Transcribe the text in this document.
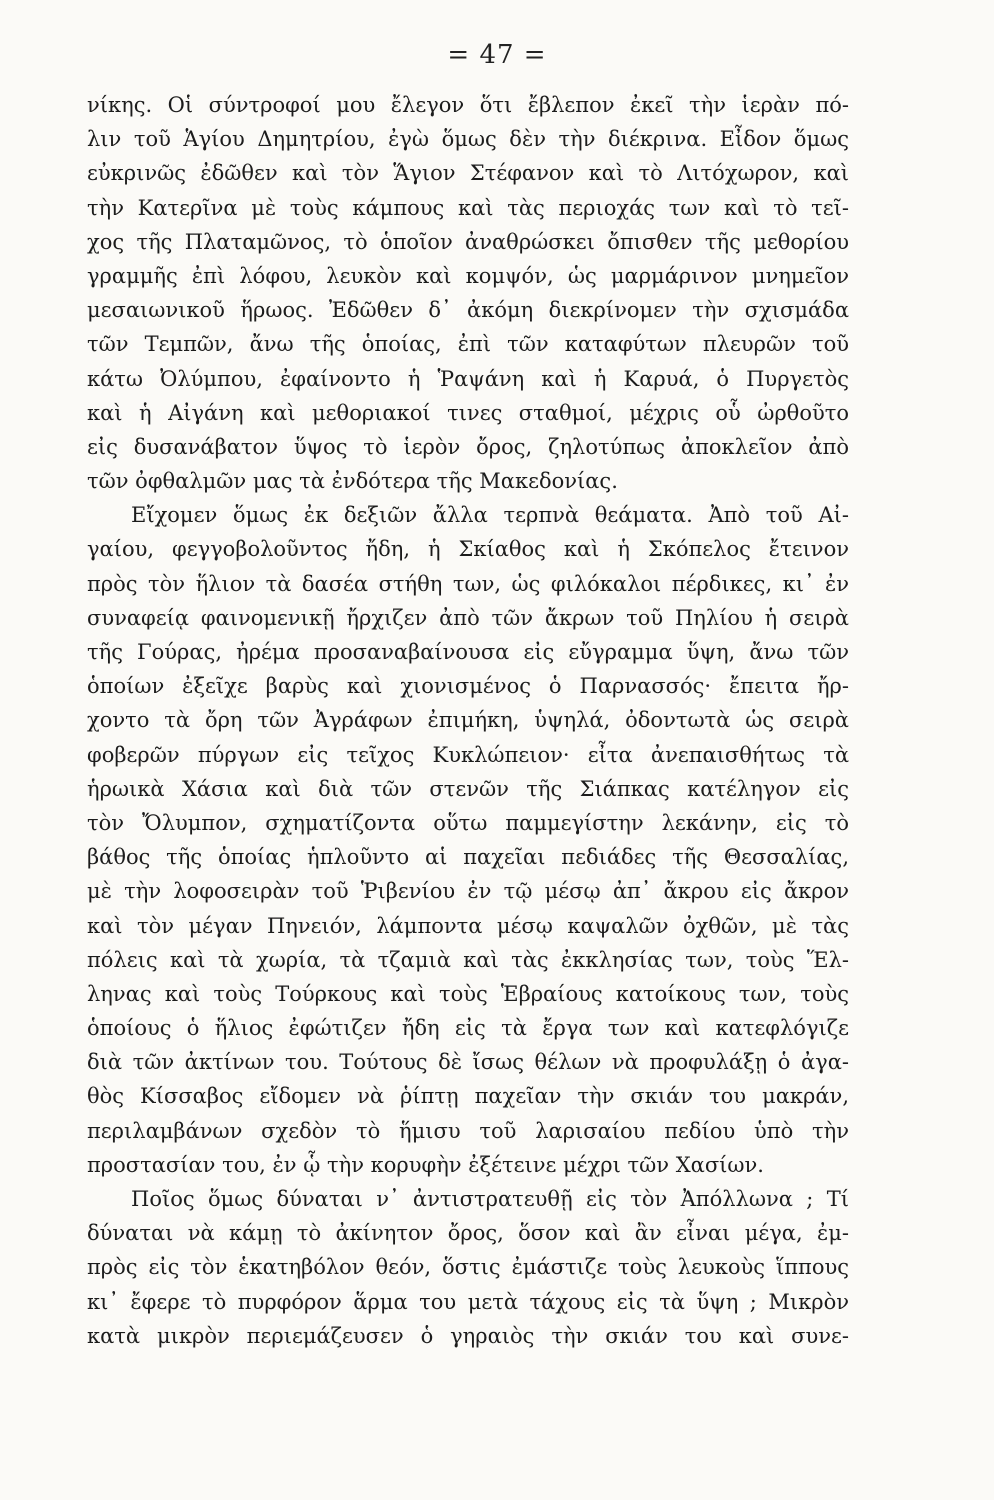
= 47 =
νίκης. Οἱ σύντροφοί μου ἔλεγον ὅτι ἔβλεπον ἐκεῖ τὴν ἱερὰν πό-
λιν τοῦ Ἁγίου Δημητρίου, ἐγὼ ὅμως δὲν τὴν διέκρινα. Εἶδον ὅμως
εὐκρινῶς ἐδῶθεν καὶ τὸν Ἅγιον Στέφανον καὶ τὸ Λιτόχωρον, καὶ
τὴν Κατερῖνα μὲ τοὺς κάμπους καὶ τὰς περιοχάς των καὶ τὸ τεῖ-
χος τῆς Πλαταμῶνος, τὸ ὁποῖον ἀναθρώσκει ὄπισθεν τῆς μεθορίου
γραμμῆς ἐπὶ λόφου, λευκὸν καὶ κομψόν, ὡς μαρμάρινον μνημεῖον
μεσαιωνικοῦ ἥρωος. Ἐδῶθεν δ᾽ ἀκόμη διεκρίνομεν τὴν σχισμάδα
τῶν Τεμπῶν, ἄνω τῆς ὁποίας, ἐπὶ τῶν καταφύτων πλευρῶν τοῦ
κάτω Ὀλύμπου, ἐφαίνοντο ἡ Ῥαψάνη καὶ ἡ Καρυά, ὁ Πυργετὸς
καὶ ἡ Αἰγάνη καὶ μεθοριακοί τινες σταθμοί, μέχρις οὗ ὠρθοῦτο
εἰς δυσανάβατον ὕψος τὸ ἱερὸν ὄρος, ζηλοτύπως ἀποκλεῖον ἀπὸ
τῶν ὀφθαλμῶν μας τὰ ἐνδότερα τῆς Μακεδονίας.
Εἴχομεν ὅμως ἐκ δεξιῶν ἄλλα τερπνὰ θεάματα. Ἀπὸ τοῦ Αἰ-
γαίου, φεγγοβολοῦντος ἤδη, ἡ Σκίαθος καὶ ἡ Σκόπελος ἔτεινον
πρὸς τὸν ἥλιον τὰ δασέα στήθη των, ὡς φιλόκαλοι πέρδικες, κι᾽ ἐν
συναφείᾳ φαινομενικῇ ἤρχιζεν ἀπὸ τῶν ἄκρων τοῦ Πηλίου ἡ σειρὰ
τῆς Γούρας, ἠρέμα προσαναβαίνουσα εἰς εὔγραμμα ὕψη, ἄνω τῶν
ὁποίων ἐξεῖχε βαρὺς καὶ χιονισμένος ὁ Παρνασσός· ἔπειτα ἤρ-
χοντο τὰ ὄρη τῶν Ἀγράφων ἐπιμήκη, ὑψηλά, ὀδοντωτὰ ὡς σειρὰ
φοβερῶν πύργων εἰς τεῖχος Κυκλώπειον· εἶτα ἀνεπαισθήτως τὰ
ἡρωικὰ Χάσια καὶ διὰ τῶν στενῶν τῆς Σιάπκας κατέληγον εἰς
τὸν Ὄλυμπον, σχηματίζοντα οὕτω παμμεγίστην λεκάνην, εἰς τὸ
βάθος τῆς ὁποίας ἡπλοῦντο αἱ παχεῖαι πεδιάδες τῆς Θεσσαλίας,
μὲ τὴν λοφοσειρὰν τοῦ Ῥιβενίου ἐν τῷ μέσῳ ἀπ᾽ ἄκρου εἰς ἄκρον
καὶ τὸν μέγαν Πηνειόν, λάμποντα μέσῳ καψαλῶν ὀχθῶν, μὲ τὰς
πόλεις καὶ τὰ χωρία, τὰ τζαμιὰ καὶ τὰς ἐκκλησίας των, τοὺς Ἕλ-
ληνας καὶ τοὺς Τούρκους καὶ τοὺς Ἑβραίους κατοίκους των, τοὺς
ὁποίους ὁ ἥλιος ἐφώτιζεν ἤδη εἰς τὰ ἔργα των καὶ κατεφλόγιζε
διὰ τῶν ἀκτίνων του. Τούτους δὲ ἴσως θέλων νὰ προφυλάξῃ ὁ ἀγα-
θὸς Κίσσαβος εἴδομεν νὰ ῥίπτῃ παχεῖαν τὴν σκιάν του μακράν,
περιλαμβάνων σχεδὸν τὸ ἥμισυ τοῦ λαρισαίου πεδίου ὑπὸ τὴν
προστασίαν του, ἐν ᾧ τὴν κορυφὴν ἐξέτεινε μέχρι τῶν Χασίων.
Ποῖος ὅμως δύναται ν᾽ ἀντιστρατευθῇ εἰς τὸν Ἀπόλλωνα ; Τί
δύναται νὰ κάμῃ τὸ ἀκίνητον ὄρος, ὅσον καὶ ἂν εἶναι μέγα, ἐμ-
πρὸς εἰς τὸν ἑκατηβόλον θεόν, ὅστις ἐμάστιζε τοὺς λευκοὺς ἵππους
κι᾽ ἔφερε τὸ πυρφόρον ἅρμα του μετὰ τάχους εἰς τὰ ὕψη ; Μικρὸν
κατὰ μικρὸν περιεμάζευσεν ὁ γηραιὸς τὴν σκιάν του καὶ συνε-
